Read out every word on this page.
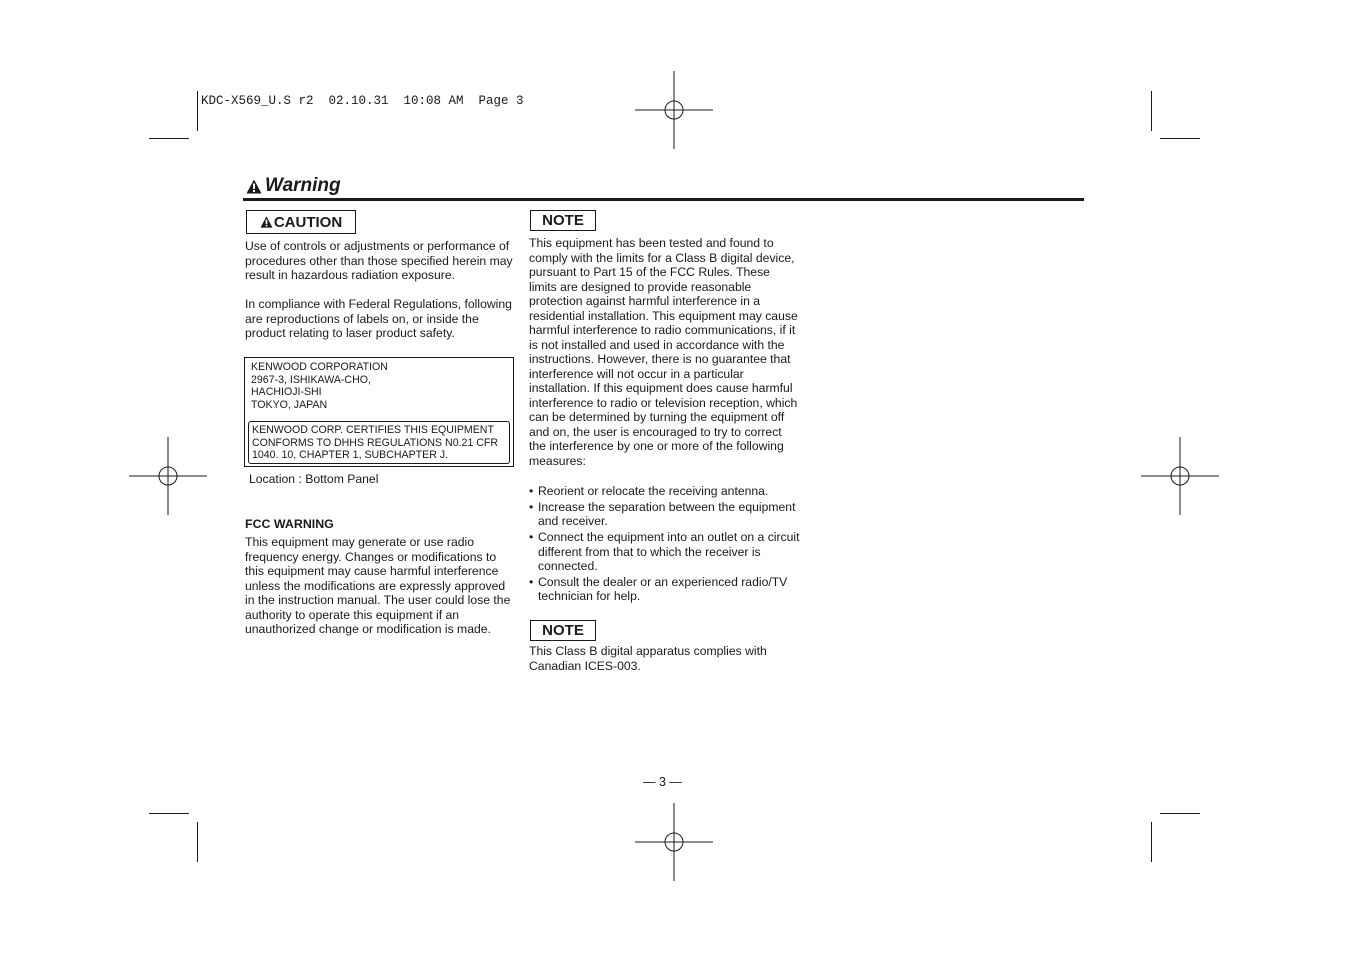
KDC-X569_U.S r2  02.10.31  10:08 AM  Page 3
Warning
CAUTION
Use of controls or adjustments or performance of procedures other than those specified herein may result in hazardous radiation exposure.
In compliance with Federal Regulations, following are reproductions of labels on, or inside the product relating to laser product safety.
KENWOOD CORPORATION
2967-3, ISHIKAWA-CHO,
HACHIOJI-SHI
TOKYO, JAPAN
KENWOOD CORP. CERTIFIES THIS EQUIPMENT
CONFORMS TO DHHS REGULATIONS N0.21 CFR
1040. 10, CHAPTER 1, SUBCHAPTER J.
Location : Bottom Panel
FCC WARNING
This equipment may generate or use radio frequency energy. Changes or modifications to this equipment may cause harmful interference unless the modifications are expressly approved in the instruction manual. The user could lose the authority to operate this equipment if an unauthorized change or modification is made.
NOTE
This equipment has been tested and found to comply with the limits for a Class B digital device, pursuant to Part 15 of the FCC Rules. These limits are designed to provide reasonable protection against harmful interference in a residential installation. This equipment may cause harmful interference to radio communications, if it is not installed and used in accordance with the instructions. However, there is no guarantee that interference will not occur in a particular installation. If this equipment does cause harmful interference to radio or television reception, which can be determined by turning the equipment off and on, the user is encouraged to try to correct the interference by one or more of the following measures:
• Reorient or relocate the receiving antenna.
• Increase the separation between the equipment and receiver.
• Connect the equipment into an outlet on a circuit different from that to which the receiver is connected.
• Consult the dealer or an experienced radio/TV technician for help.
NOTE
This Class B digital apparatus complies with Canadian ICES-003.
— 3 —
